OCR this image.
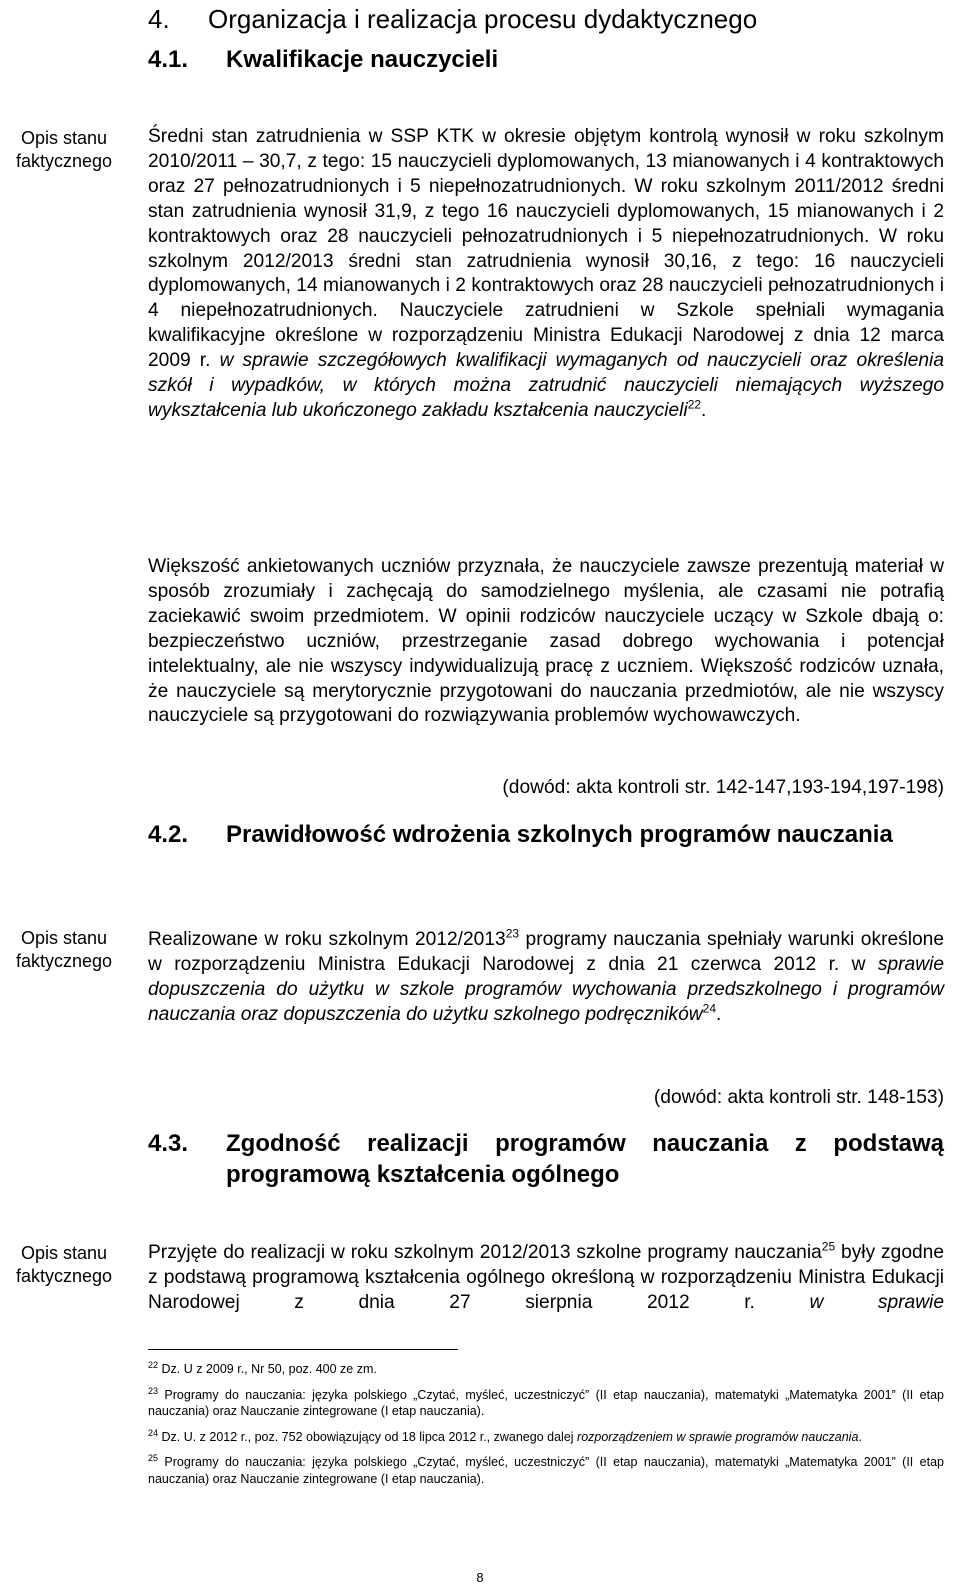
4. Organizacja i realizacja procesu dydaktycznego
4.1. Kwalifikacje nauczycieli
Opis stanu
faktycznego

Średni stan zatrudnienia w SSP KTK w okresie objętym kontrolą wynosił w roku szkolnym 2010/2011 – 30,7, z tego: 15 nauczycieli dyplomowanych, 13 mianowanych i 4 kontraktowych oraz 27 pełnozatrudnionych i 5 niepełnozatrudnionych. W roku szkolnym 2011/2012 średni stan zatrudnienia wynosił 31,9, z tego 16 nauczycieli dyplomowanych, 15 mianowanych i 2 kontraktowych oraz 28 nauczycieli pełnozatrudnionych i 5 niepełnozatrudnionych. W roku szkolnym 2012/2013 średni stan zatrudnienia wynosił 30,16, z tego: 16 nauczycieli dyplomowanych, 14 mianowanych i 2 kontraktowych oraz 28 nauczycieli pełnozatrudnionych i 4 niepełnozatrudnionych. Nauczyciele zatrudnieni w Szkole spełniali wymagania kwalifikacyjne określone w rozporządzeniu Ministra Edukacji Narodowej z dnia 12 marca 2009 r. w sprawie szczegółowych kwalifikacji wymaganych od nauczycieli oraz określenia szkół i wypadków, w których można zatrudnić nauczycieli niemających wyższego wykształcenia lub ukończonego zakładu kształcenia nauczycieli$^{22}$.

Większość ankietowanych uczniów przyznała, że nauczyciele zawsze prezentują materiał w sposób zrozumiały i zachęcają do samodzielnego myślenia, ale czasami nie potrafią zaciekawić swoim przedmiotem. W opinii rodziców nauczyciele uczący w Szkole dbają o: bezpieczeństwo uczniów, przestrzeganie zasad dobrego wychowania i potencjał intelektualny, ale nie wszyscy indywidualizują pracę z uczniem. Większość rodziców uznała, że nauczyciele są merytorycznie przygotowani do nauczania przedmiotów, ale nie wszyscy nauczyciele są przygotowani do rozwiązywania problemów wychowawczych.

(dowód: akta kontroli str. 142-147,193-194,197-198)
4.2. Prawidłowość wdrożenia szkolnych programów nauczania
Opis stanu
faktycznego

Realizowane w roku szkolnym 2012/2013$^{23}$ programy nauczania spełniały warunki określone w rozporządzeniu Ministra Edukacji Narodowej z dnia 21 czerwca 2012 r. w sprawie dopuszczenia do użytku w szkole programów wychowania przedszkolnego i programów nauczania oraz dopuszczenia do użytku szkolnego podręczników$^{24}$.

(dowód: akta kontroli str. 148-153)
4.3.	Zgodność realizacji programów nauczania z podstawą
programową kształcenia ogólnego
Opis stanu
faktycznego

Przyjęte do realizacji w roku szkolnym 2012/2013 szkolne programy nauczania$^{25}$ były zgodne z podstawą programową kształcenia ogólnego określoną w rozporządzeniu Ministra Edukacji Narodowej z dnia 27 sierpnia 2012 r. w sprawie

$^{22}$ Dz. U z 2009 r., Nr 50, poz. 400 ze zm.

$^{23}$ Programy do nauczania: języka polskiego „Czytać, myśleć, uczestniczyć” (II etap nauczania), matematyki „Matematyka 2001” (II etap nauczania) oraz Nauczanie zintegrowane (I etap nauczania).

$^{24}$ Dz. U. z 2012 r., poz. 752 obowiązujący od 18 lipca 2012 r., zwanego dalej rozporządzeniem w sprawie programów nauczania.

$^{25}$ Programy do nauczania: języka polskiego „Czytać, myśleć, uczestniczyć” (II etap nauczania), matematyki „Matematyka 2001” (II etap nauczania) oraz Nauczanie zintegrowane (I etap nauczania).

8
